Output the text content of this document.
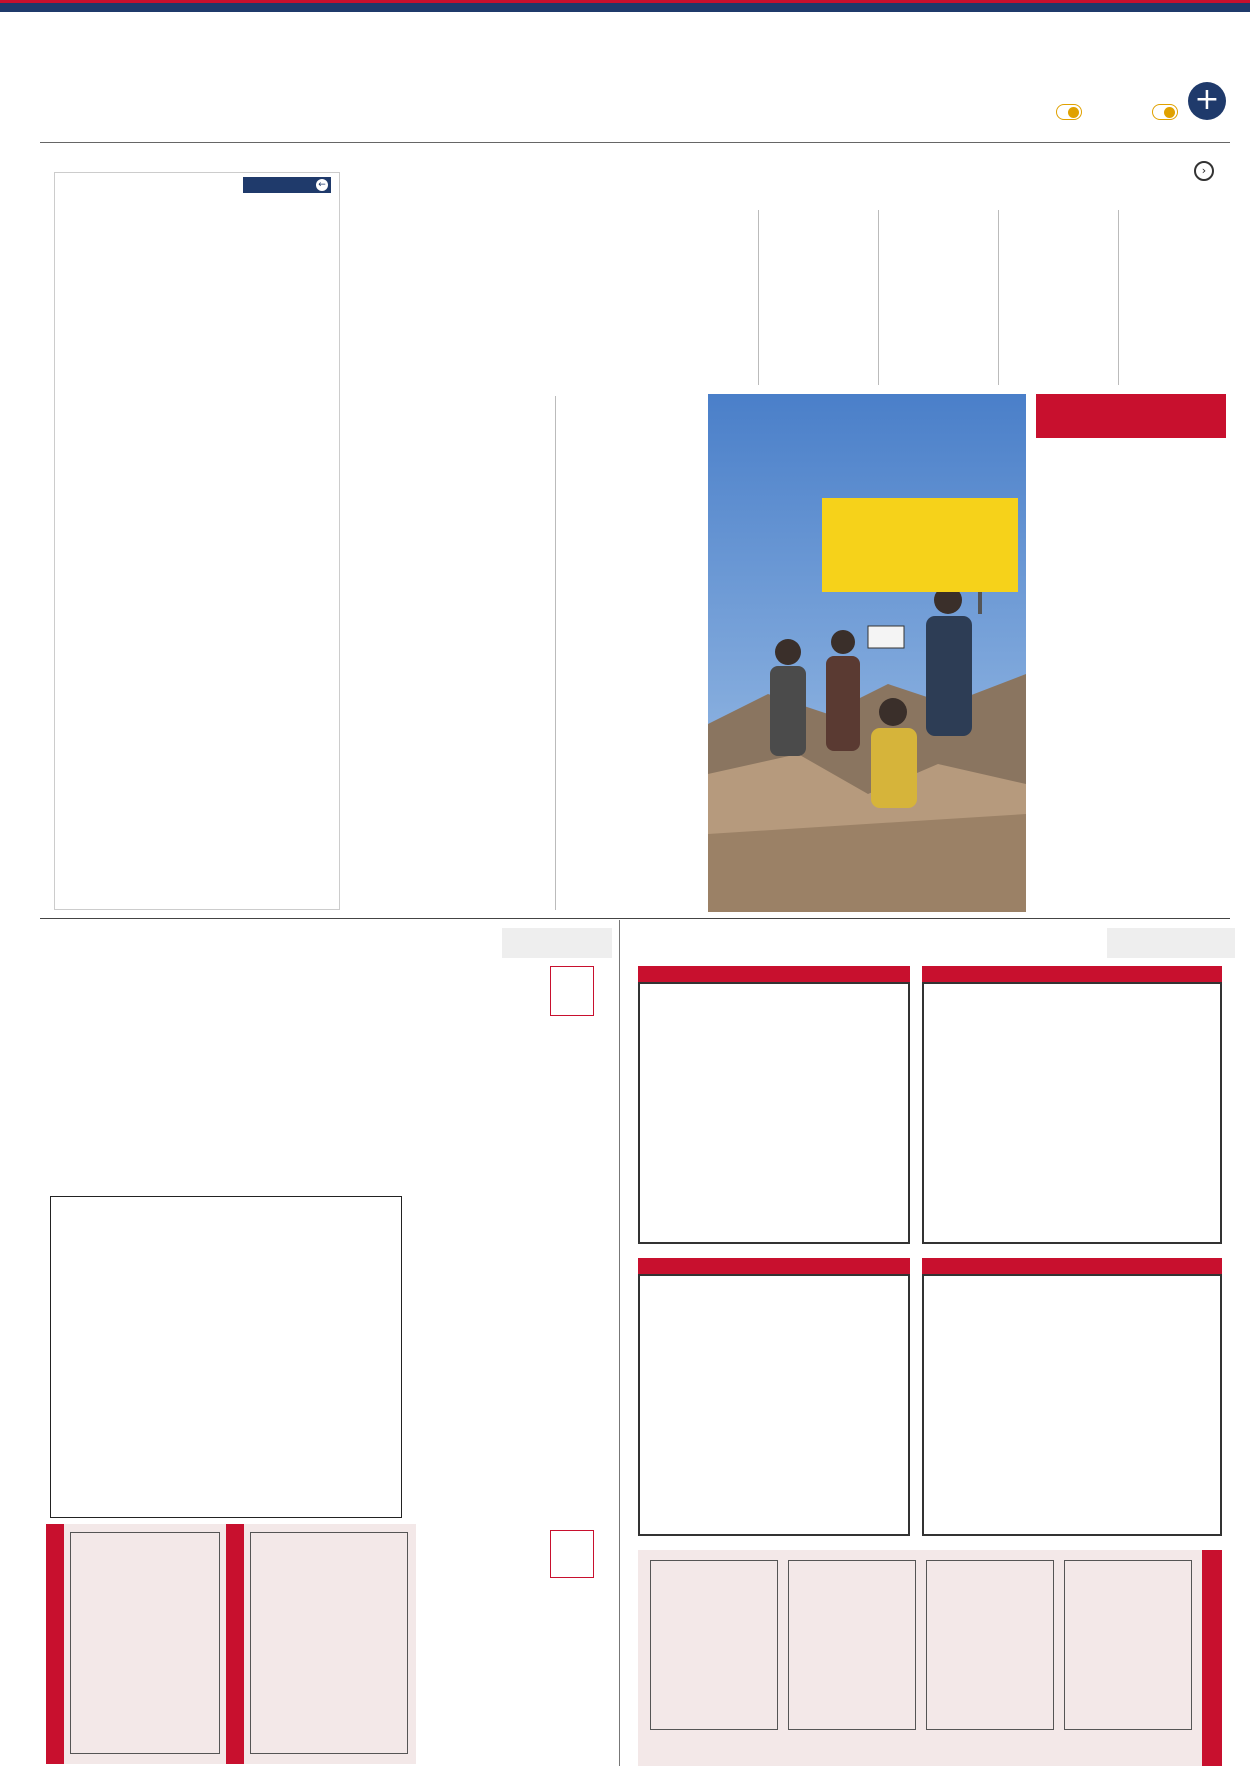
+
‹
←
